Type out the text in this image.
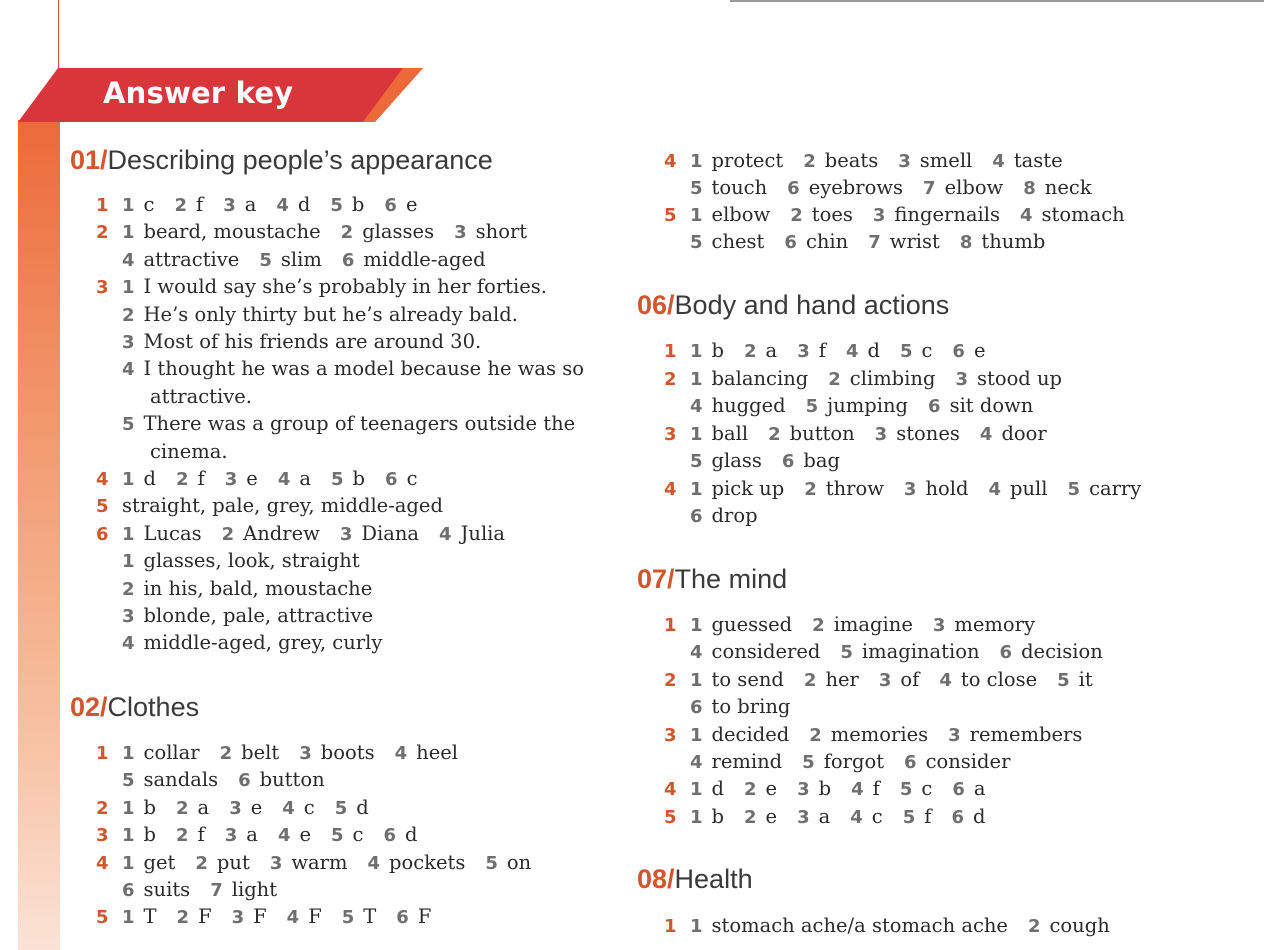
Answer key
01/Describing people’s appearance
1 1 c 2 f 3 a 4 d 5 b 6 e
2 1 beard, moustache 2 glasses 3 short
4 attractive 5 slim 6 middle-aged
3 1 I would say she’s probably in her forties.
2 He’s only thirty but he’s already bald.
3 Most of his friends are around 30.
4 I thought he was a model because he was so
attractive.
5 There was a group of teenagers outside the
cinema.
4 1 d 2 f 3 e 4 a 5 b 6 c
5 straight, pale, grey, middle-aged
6 1 Lucas 2 Andrew 3 Diana 4 Julia
1 glasses, look, straight
2 in his, bald, moustache
3 blonde, pale, attractive
4 middle-aged, grey, curly
02/Clothes
1 1 collar 2 belt 3 boots 4 heel
5 sandals 6 button
2 1 b 2 a 3 e 4 c 5 d
3 1 b 2 f 3 a 4 e 5 c 6 d
4 1 get 2 put 3 warm 4 pockets 5 on
6 suits 7 light
5 1 T 2 F 3 F 4 F 5 T 6 F
4 1 protect 2 beats 3 smell 4 taste
5 touch 6 eyebrows 7 elbow 8 neck
5 1 elbow 2 toes 3 fingernails 4 stomach
5 chest 6 chin 7 wrist 8 thumb
06/Body and hand actions
1 1 b 2 a 3 f 4 d 5 c 6 e
2 1 balancing 2 climbing 3 stood up
4 hugged 5 jumping 6 sit down
3 1 ball 2 button 3 stones 4 door
5 glass 6 bag
4 1 pick up 2 throw 3 hold 4 pull 5 carry
6 drop
07/The mind
1 1 guessed 2 imagine 3 memory
4 considered 5 imagination 6 decision
2 1 to send 2 her 3 of 4 to close 5 it
6 to bring
3 1 decided 2 memories 3 remembers
4 remind 5 forgot 6 consider
4 1 d 2 e 3 b 4 f 5 c 6 a
5 1 b 2 e 3 a 4 c 5 f 6 d
08/Health
1 1 stomach ache/a stomach ache 2 cough
